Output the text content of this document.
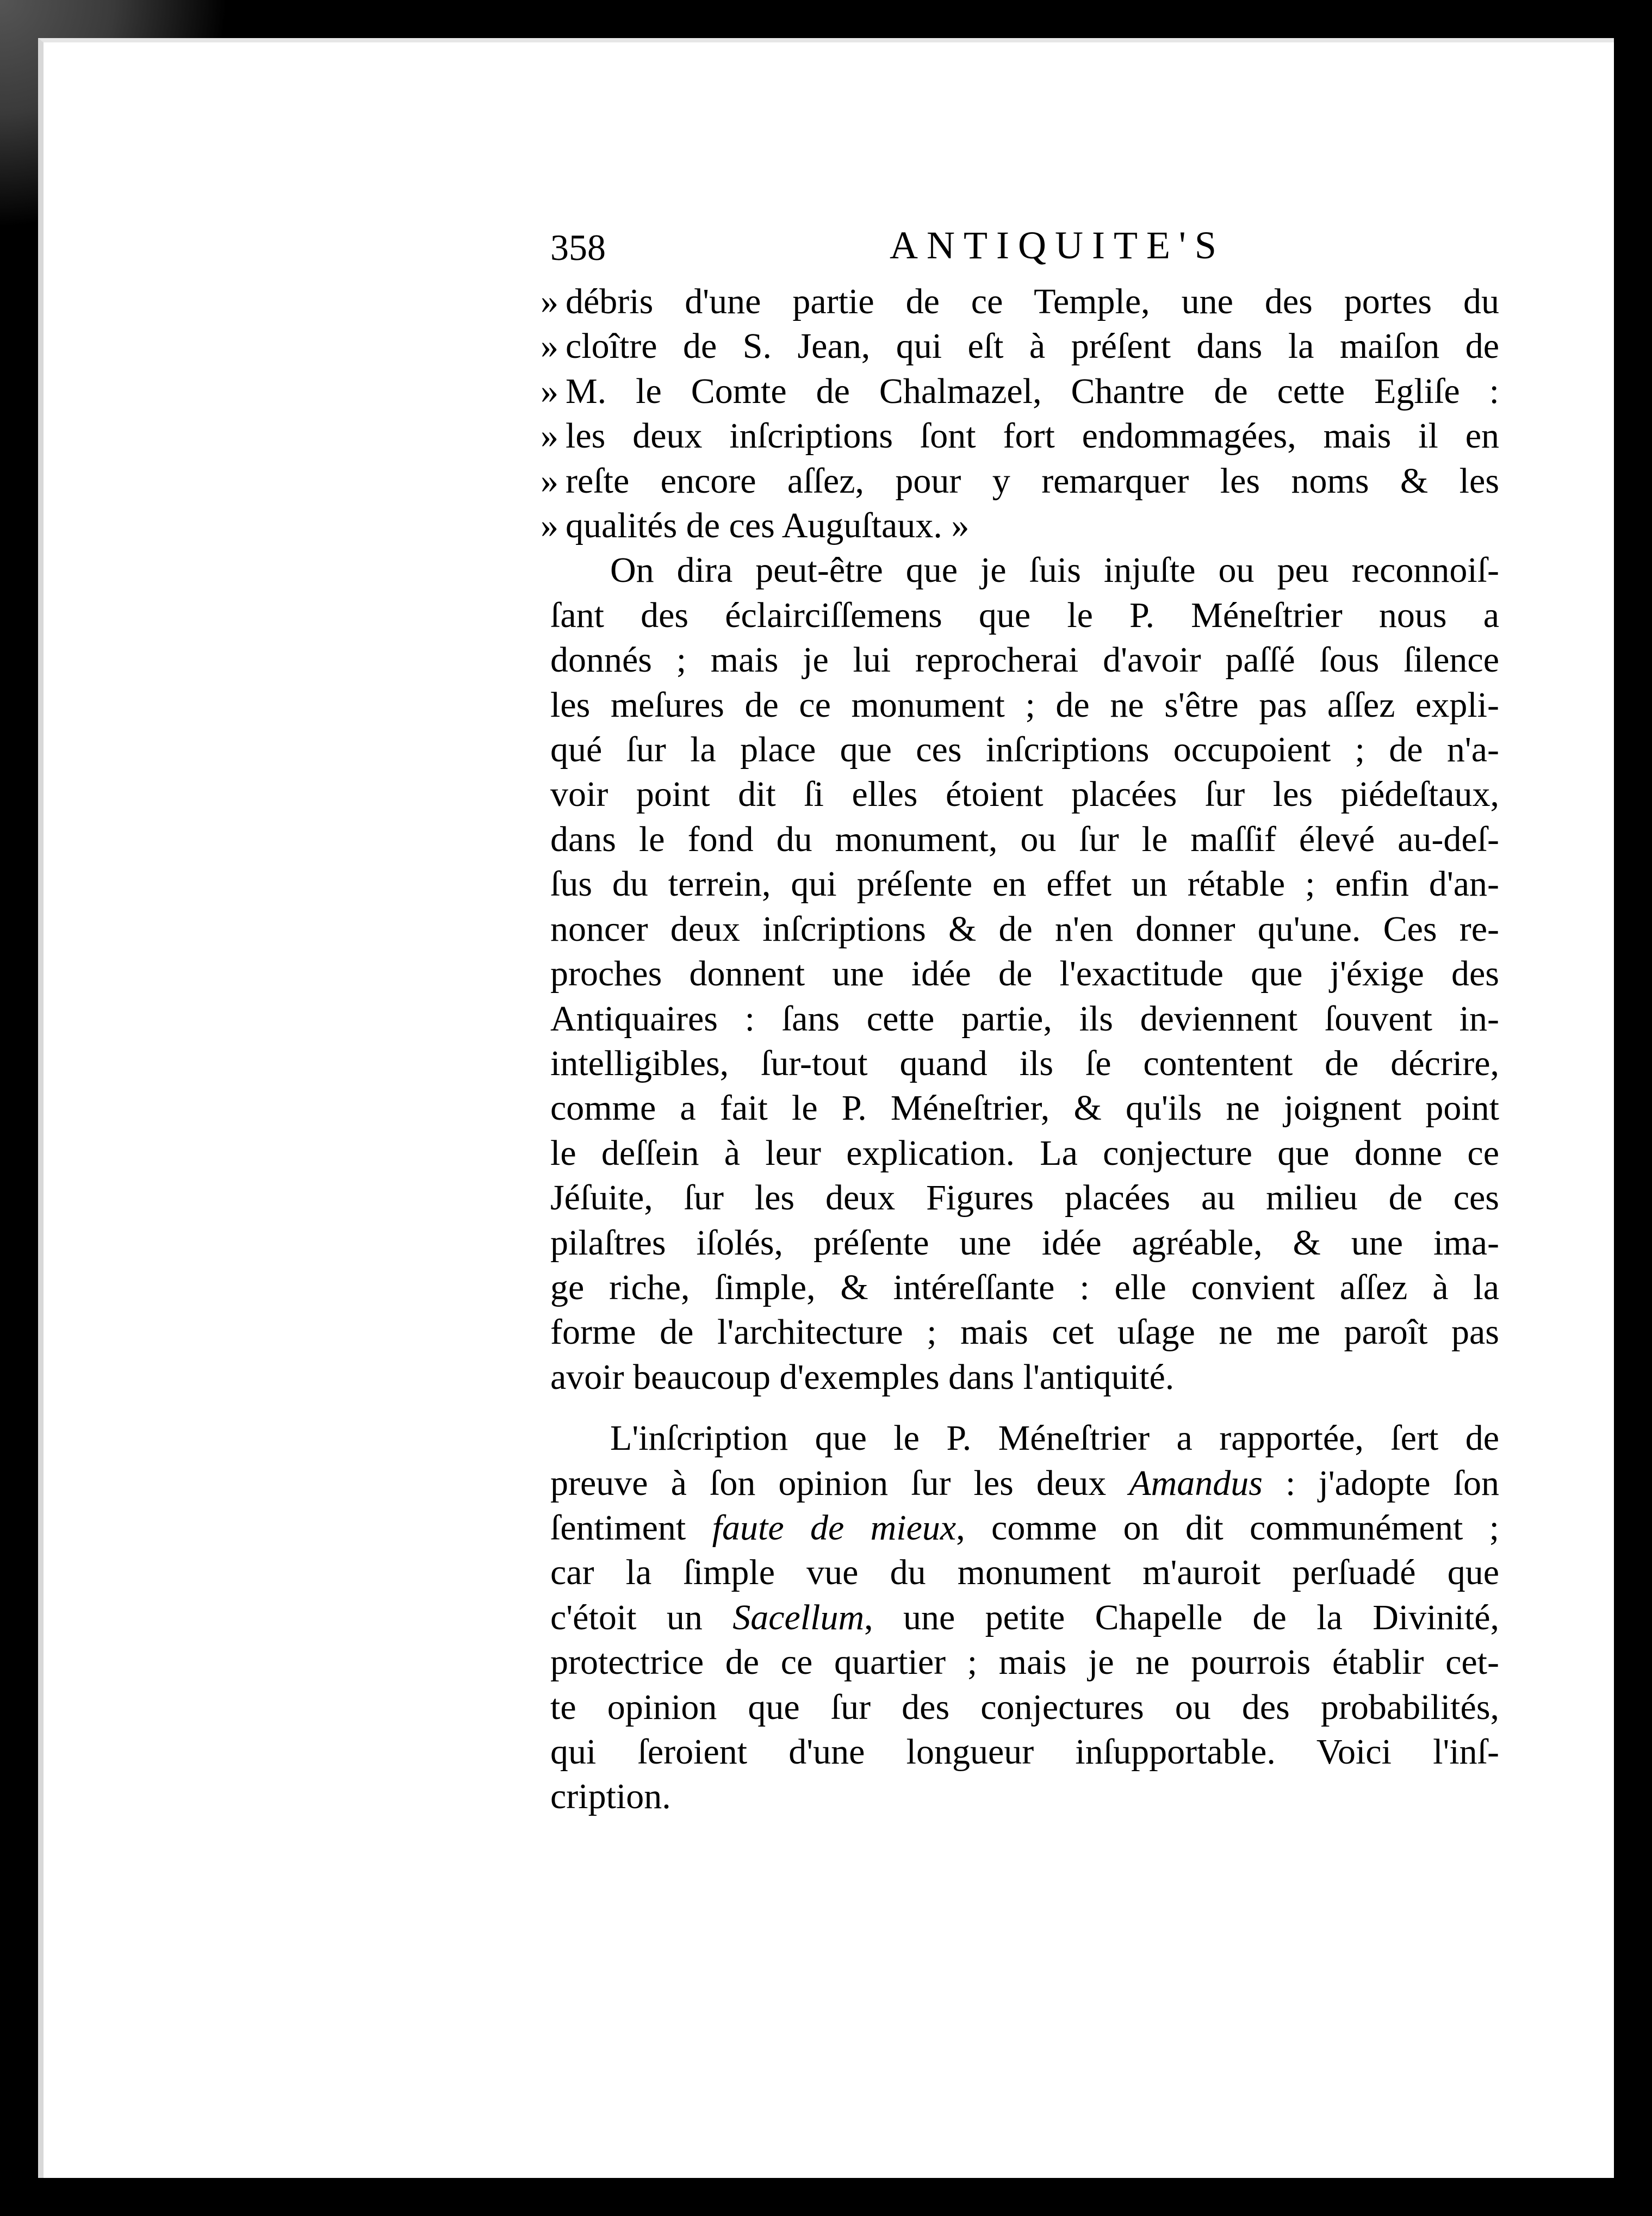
358	ANTIQUITE'S
» débris d'une partie de ce Temple, une des portes du
» cloître de S. Jean, qui eſt à préſent dans la maiſon de
» M. le Comte de Chalmazel, Chantre de cette Egliſe :
» les deux inſcriptions ſont fort endommagées, mais il en
» reſte encore aſſez, pour y remarquer les noms & les
» qualités de ces Auguſtaux. »
On dira peut-être que je ſuis injuſte ou peu reconnoiſ-
ſant des éclairciſſemens que le P. Méneſtrier nous a
donnés ; mais je lui reprocherai d'avoir paſſé ſous ſilence
les meſures de ce monument ; de ne s'être pas aſſez expli-
qué ſur la place que ces inſcriptions occupoient ; de n'a-
voir point dit ſi elles étoient placées ſur les piédeſtaux,
dans le fond du monument, ou ſur le maſſif élevé au-deſ-
ſus du terrein, qui préſente en effet un rétable ; enfin d'an-
noncer deux inſcriptions & de n'en donner qu'une. Ces re-
proches donnent une idée de l'exactitude que j'éxige des
Antiquaires : ſans cette partie, ils deviennent ſouvent in-
intelligibles, ſur-tout quand ils ſe contentent de décrire,
comme a fait le P. Méneſtrier, & qu'ils ne joignent point
le deſſein à leur explication. La conjecture que donne ce
Jéſuite, ſur les deux Figures placées au milieu de ces
pilaſtres iſolés, préſente une idée agréable, & une ima-
ge riche, ſimple, & intéreſſante : elle convient aſſez à la
forme de l'architecture ; mais cet uſage ne me paroît pas
avoir beaucoup d'exemples dans l'antiquité.
L'inſcription que le P. Méneſtrier a rapportée, ſert de
preuve à ſon opinion ſur les deux Amandus : j'adopte ſon
ſentiment faute de mieux, comme on dit communément ;
car la ſimple vue du monument m'auroit perſuadé que
c'étoit un Sacellum, une petite Chapelle de la Divinité,
protectrice de ce quartier ; mais je ne pourrois établir cet-
te opinion que ſur des conjectures ou des probabilités,
qui ſeroient d'une longueur inſupportable. Voici l'inſ-
cription.
